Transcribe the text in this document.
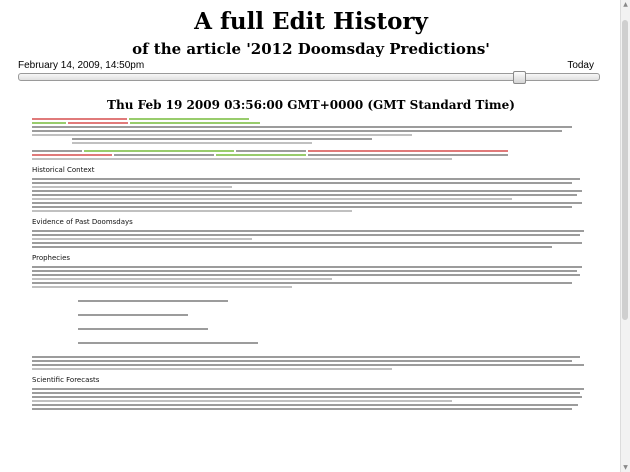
A full Edit History
of the article '2012 Doomsday Predictions'
February 14, 2009, 14:50pm	Today
Thu Feb 19 2009 03:56:00 GMT+0000 (GMT Standard Time)
Historical Context
Evidence of Past Doomsdays
Prophecies
Scientific Forecasts
▲
▼
